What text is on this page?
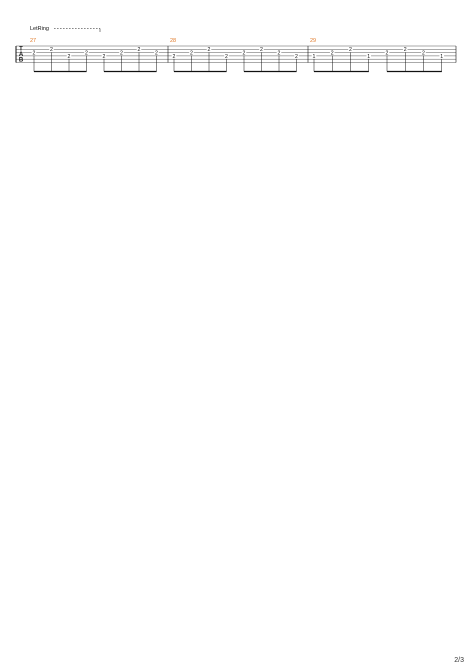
T
A
B
27
2
2
2
2
2
2
2
2
28
2
2
2
2
2
2
2
2
29
1
2
2
1
2
2
2
1
LetRing
2/3
